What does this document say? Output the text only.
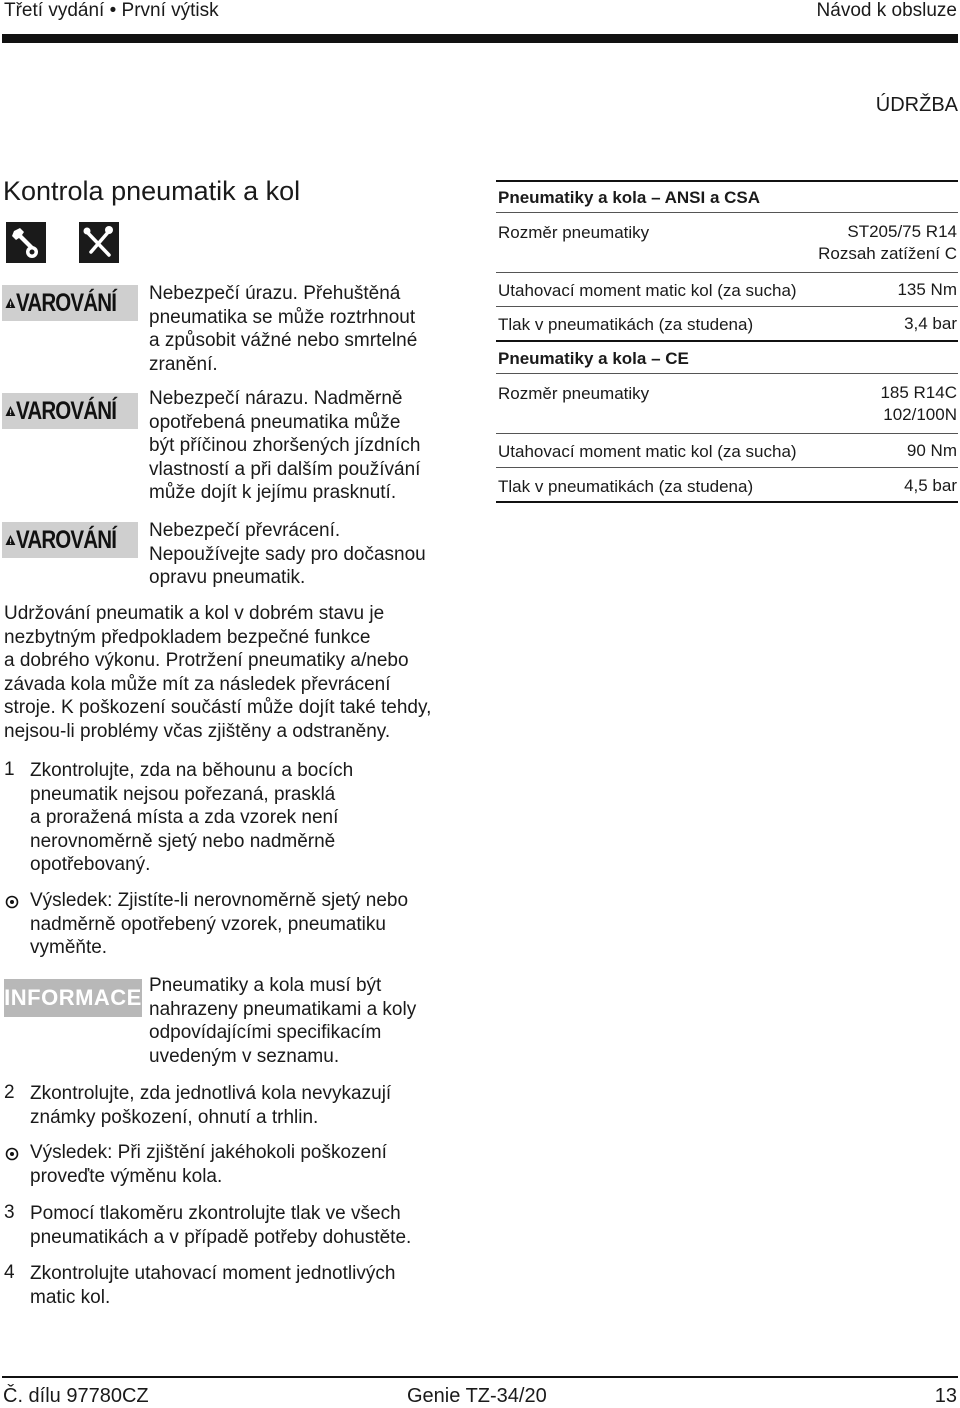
Třetí vydání • První výtisk	Návod k obsluze
ÚDRŽBA
Kontrola pneumatik a kol
VAROVÁNÍ Nebezpečí úrazu. Přehuštěná
pneumatika se může roztrhnout
a způsobit vážné nebo smrtelné
zranění.
VAROVÁNÍ Nebezpečí nárazu. Nadměrně
opotřebená pneumatika může
být příčinou zhoršených jízdních
vlastností a při dalším používání
může dojít k jejímu prasknutí.
VAROVÁNÍ Nebezpečí převrácení.
Nepoužívejte sady pro dočasnou
opravu pneumatik.
Udržování pneumatik a kol v dobrém stavu je
nezbytným předpokladem bezpečné funkce
a dobrého výkonu. Protržení pneumatiky a/nebo
závada kola může mít za následek převrácení
stroje. K poškození součástí může dojít také tehdy,
nejsou-li problémy včas zjištěny a odstraněny.
1 Zkontrolujte, zda na běhounu a bocích
pneumatik nejsou pořezaná, prasklá
a proražená místa a zda vzorek není
nerovnoměrně sjetý nebo nadměrně
opotřebovaný.
Výsledek: Zjistíte-li nerovnoměrně sjetý nebo
nadměrně opotřebený vzorek, pneumatiku
vyměňte.
INFORMACE Pneumatiky a kola musí být
nahrazeny pneumatikami a koly
odpovídajícími specifikacím
uvedeným v seznamu.
2 Zkontrolujte, zda jednotlivá kola nevykazují
známky poškození, ohnutí a trhlin.
Výsledek: Při zjištění jakéhokoli poškození
proveďte výměnu kola.
3 Pomocí tlakoměru zkontrolujte tlak ve všech
pneumatikách a v případě potřeby dohustěte.
4 Zkontrolujte utahovací moment jednotlivých
matic kol.
Pneumatiky a kola – ANSI a CSA
Rozměr pneumatiky	ST205/75 R14
Rozsah zatížení C
Utahovací moment matic kol (za sucha)	135 Nm
Tlak v pneumatikách (za studena)	3,4 bar
Pneumatiky a kola – CE
Rozměr pneumatiky	185 R14C
102/100N
Utahovací moment matic kol (za sucha)	90 Nm
Tlak v pneumatikách (za studena)	4,5 bar
Č. dílu 97780CZ	Genie TZ-34/20	13
